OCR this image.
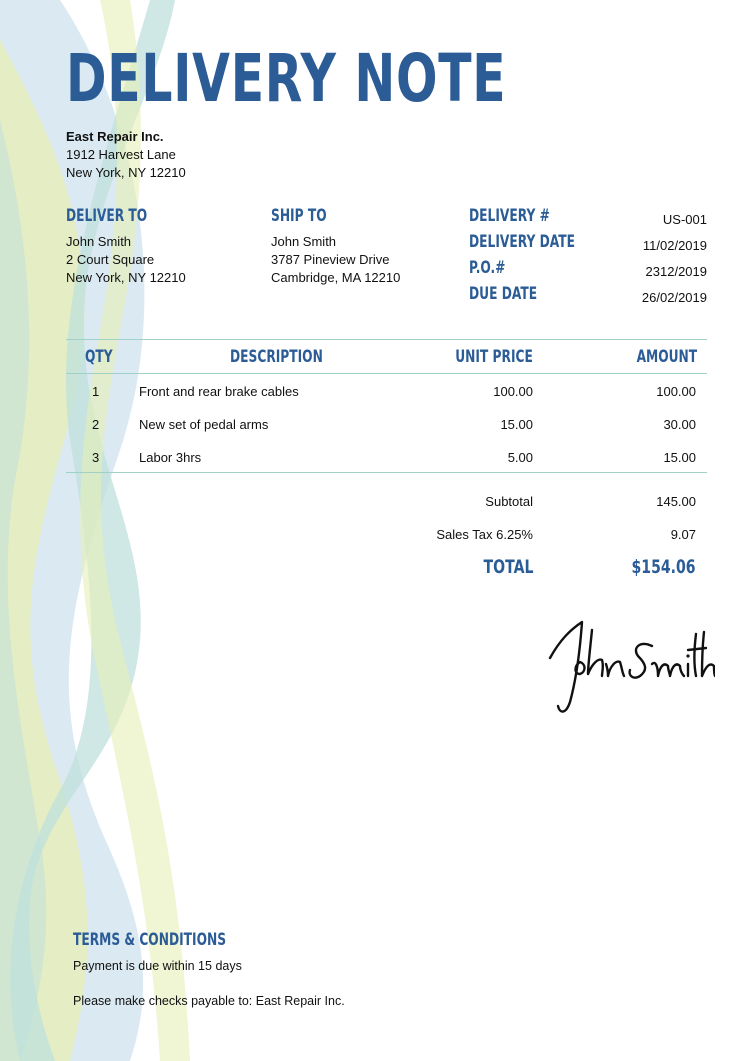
DELIVERY NOTE
East Repair Inc.
1912 Harvest Lane
New York, NY 12210
DELIVER TO
John Smith
2 Court Square
New York, NY 12210
SHIP TO
John Smith
3787 Pineview Drive
Cambridge, MA 12210
DELIVERY #	US-001
DELIVERY DATE	11/02/2019
P.O.#	2312/2019
DUE DATE	26/02/2019
QTY	DESCRIPTION	UNIT PRICE	AMOUNT
1	Front and rear brake cables	100.00	100.00
2	New set of pedal arms	15.00	30.00
3	Labor 3hrs	5.00	15.00
Subtotal	145.00
Sales Tax 6.25%	9.07
TOTAL	$154.06
TERMS & CONDITIONS
Payment is due within 15 days
Please make checks payable to: East Repair Inc.
